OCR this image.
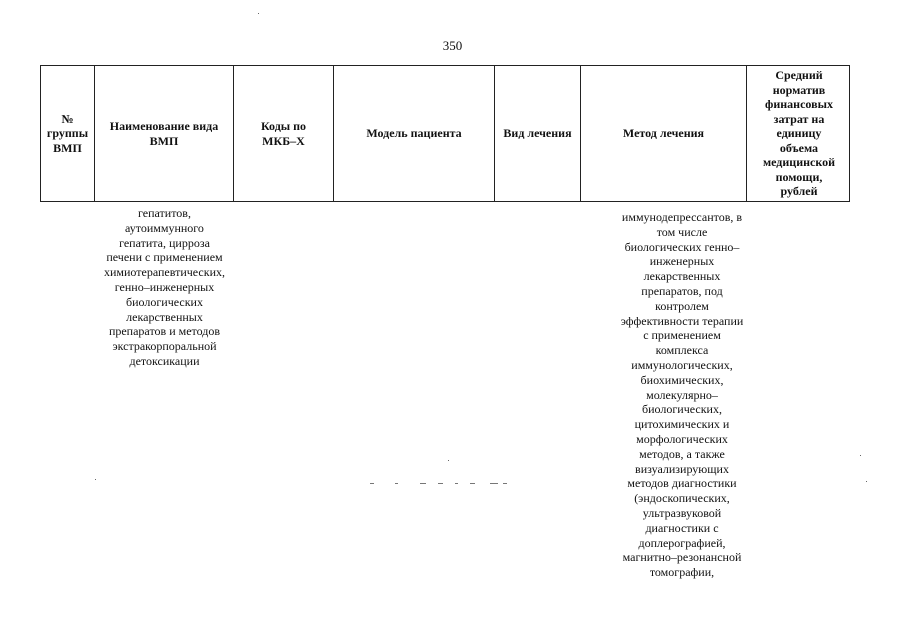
350
№
группы
ВМП
Наименование вида
ВМП
Коды по
МКБ–Х
Модель пациента	Вид лечения	Метод лечения
Средний
норматив
финансовых
затрат на
единицу
объема
медицинской
помощи,
рублей
гепатитов,
аутоиммунного
гепатита, цирроза
печени с применением
химиотерапевтических,
генно–инженерных
биологических
лекарственных
препаратов и методов
экстракорпоральной
детоксикации
иммунодепрессантов, в
том числе
биологических генно–
инженерных
лекарственных
препаратов, под
контролем
эффективности терапии
с применением
комплекса
иммунологических,
биохимических,
молекулярно–
биологических,
цитохимических и
морфологических
методов, а также
визуализирующих
методов диагностики
(эндоскопических,
ультразвуковой
диагностики с
доплерографией,
магнитно–резонансной
томографии,
